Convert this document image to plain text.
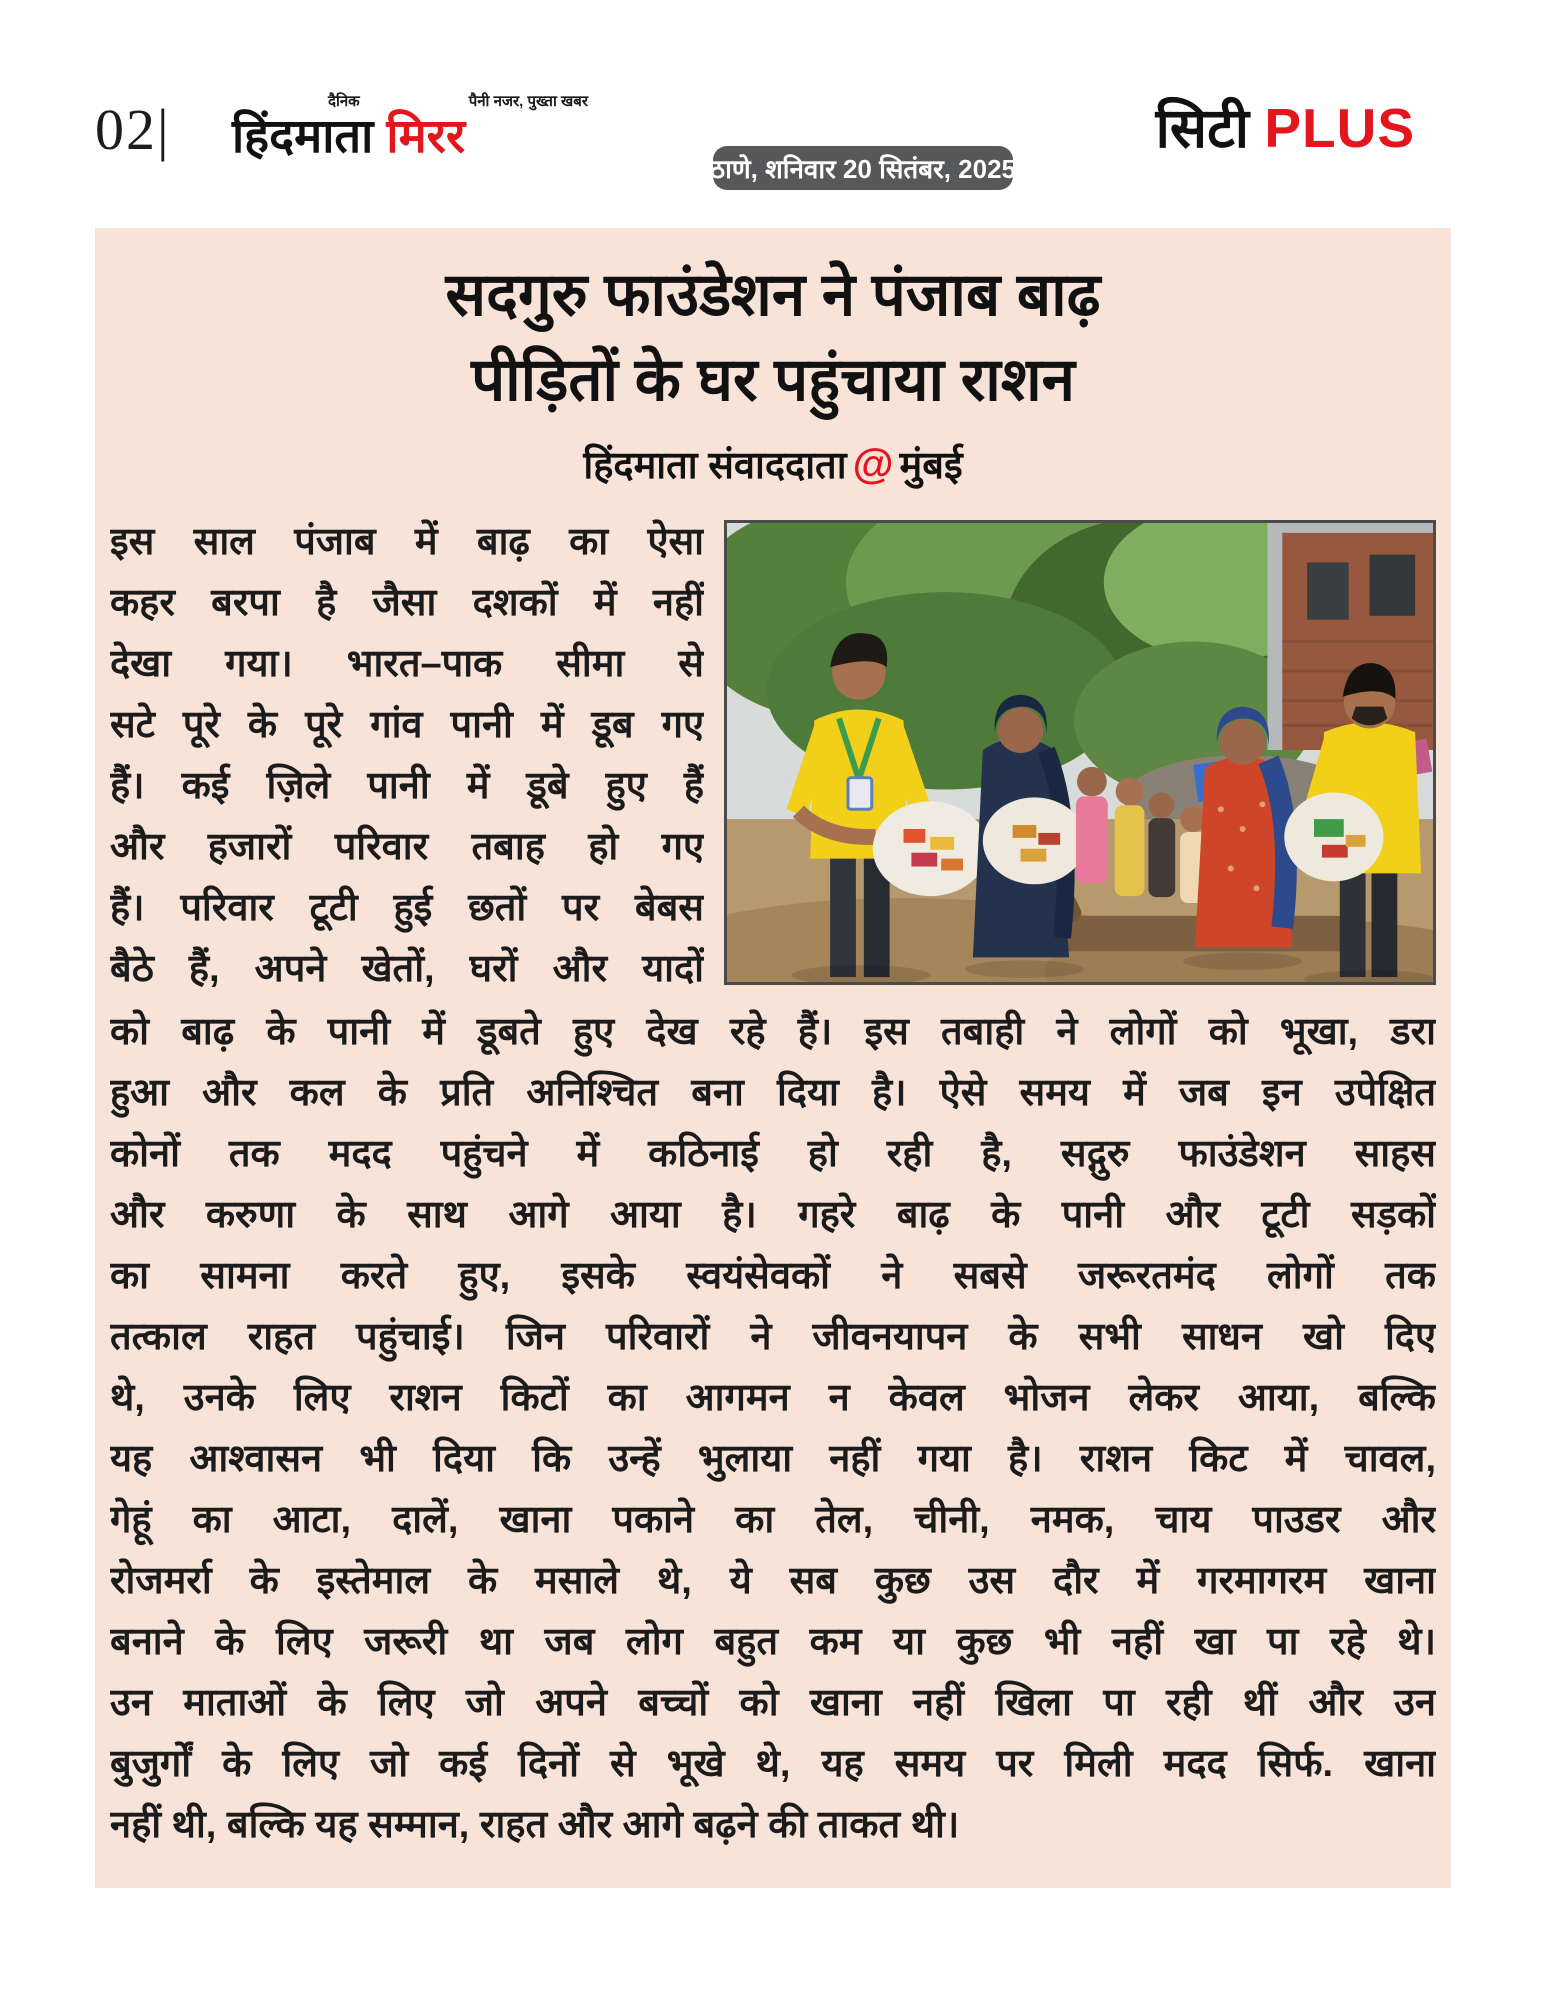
02|	दैनिक	पैनी नजर, पुख्ता खबर
हिंदमाता मिरर
ठाणे, शनिवार 20 सितंबर, 2025
सिटी PLUS
सदगुरु फाउंडेशन ने पंजाब बाढ़
पीड़ितों के घर पहुंचाया राशन
हिंदमाता संवाददाता @ मुंबई
इस साल पंजाब में बाढ़ का ऐसा
कहर बरपा है जैसा दशकों में नहीं
देखा गया। भारत–पाक सीमा से
सटे पूरे के पूरे गांव पानी में डूब गए
हैं। कई ज़िले पानी में डूबे हुए हैं
और हजारों परिवार तबाह हो गए
हैं। परिवार टूटी हुई छतों पर बेबस
बैठे हैं, अपने खेतों, घरों और यादों
को बाढ़ के पानी में डूबते हुए देख रहे हैं। इस तबाही ने लोगों को भूखा, डरा
हुआ और कल के प्रति अनिश्चित बना दिया है। ऐसे समय में जब इन उपेक्षित
कोनों तक मदद पहुंचने में कठिनाई हो रही है, सद्गुरु फाउंडेशन साहस
और करुणा के साथ आगे आया है। गहरे बाढ़ के पानी और टूटी सड़कों
का सामना करते हुए, इसके स्वयंसेवकों ने सबसे जरूरतमंद लोगों तक
तत्काल राहत पहुंचाई। जिन परिवारों ने जीवनयापन के सभी साधन खो दिए
थे, उनके लिए राशन किटों का आगमन न केवल भोजन लेकर आया, बल्कि
यह आश्वासन भी दिया कि उन्हें भुलाया नहीं गया है। राशन किट में चावल,
गेहूं का आटा, दालें, खाना पकाने का तेल, चीनी, नमक, चाय पाउडर और
रोजमर्रा के इस्तेमाल के मसाले थे, ये सब कुछ उस दौर में गरमागरम खाना
बनाने के लिए जरूरी था जब लोग बहुत कम या कुछ भी नहीं खा पा रहे थे।
उन माताओं के लिए जो अपने बच्चों को खाना नहीं खिला पा रही थीं और उन
बुजुर्गों के लिए जो कई दिनों से भूखे थे, यह समय पर मिली मदद सिर्फ. खाना
नहीं थी, बल्कि यह सम्मान, राहत और आगे बढ़ने की ताकत थी।
